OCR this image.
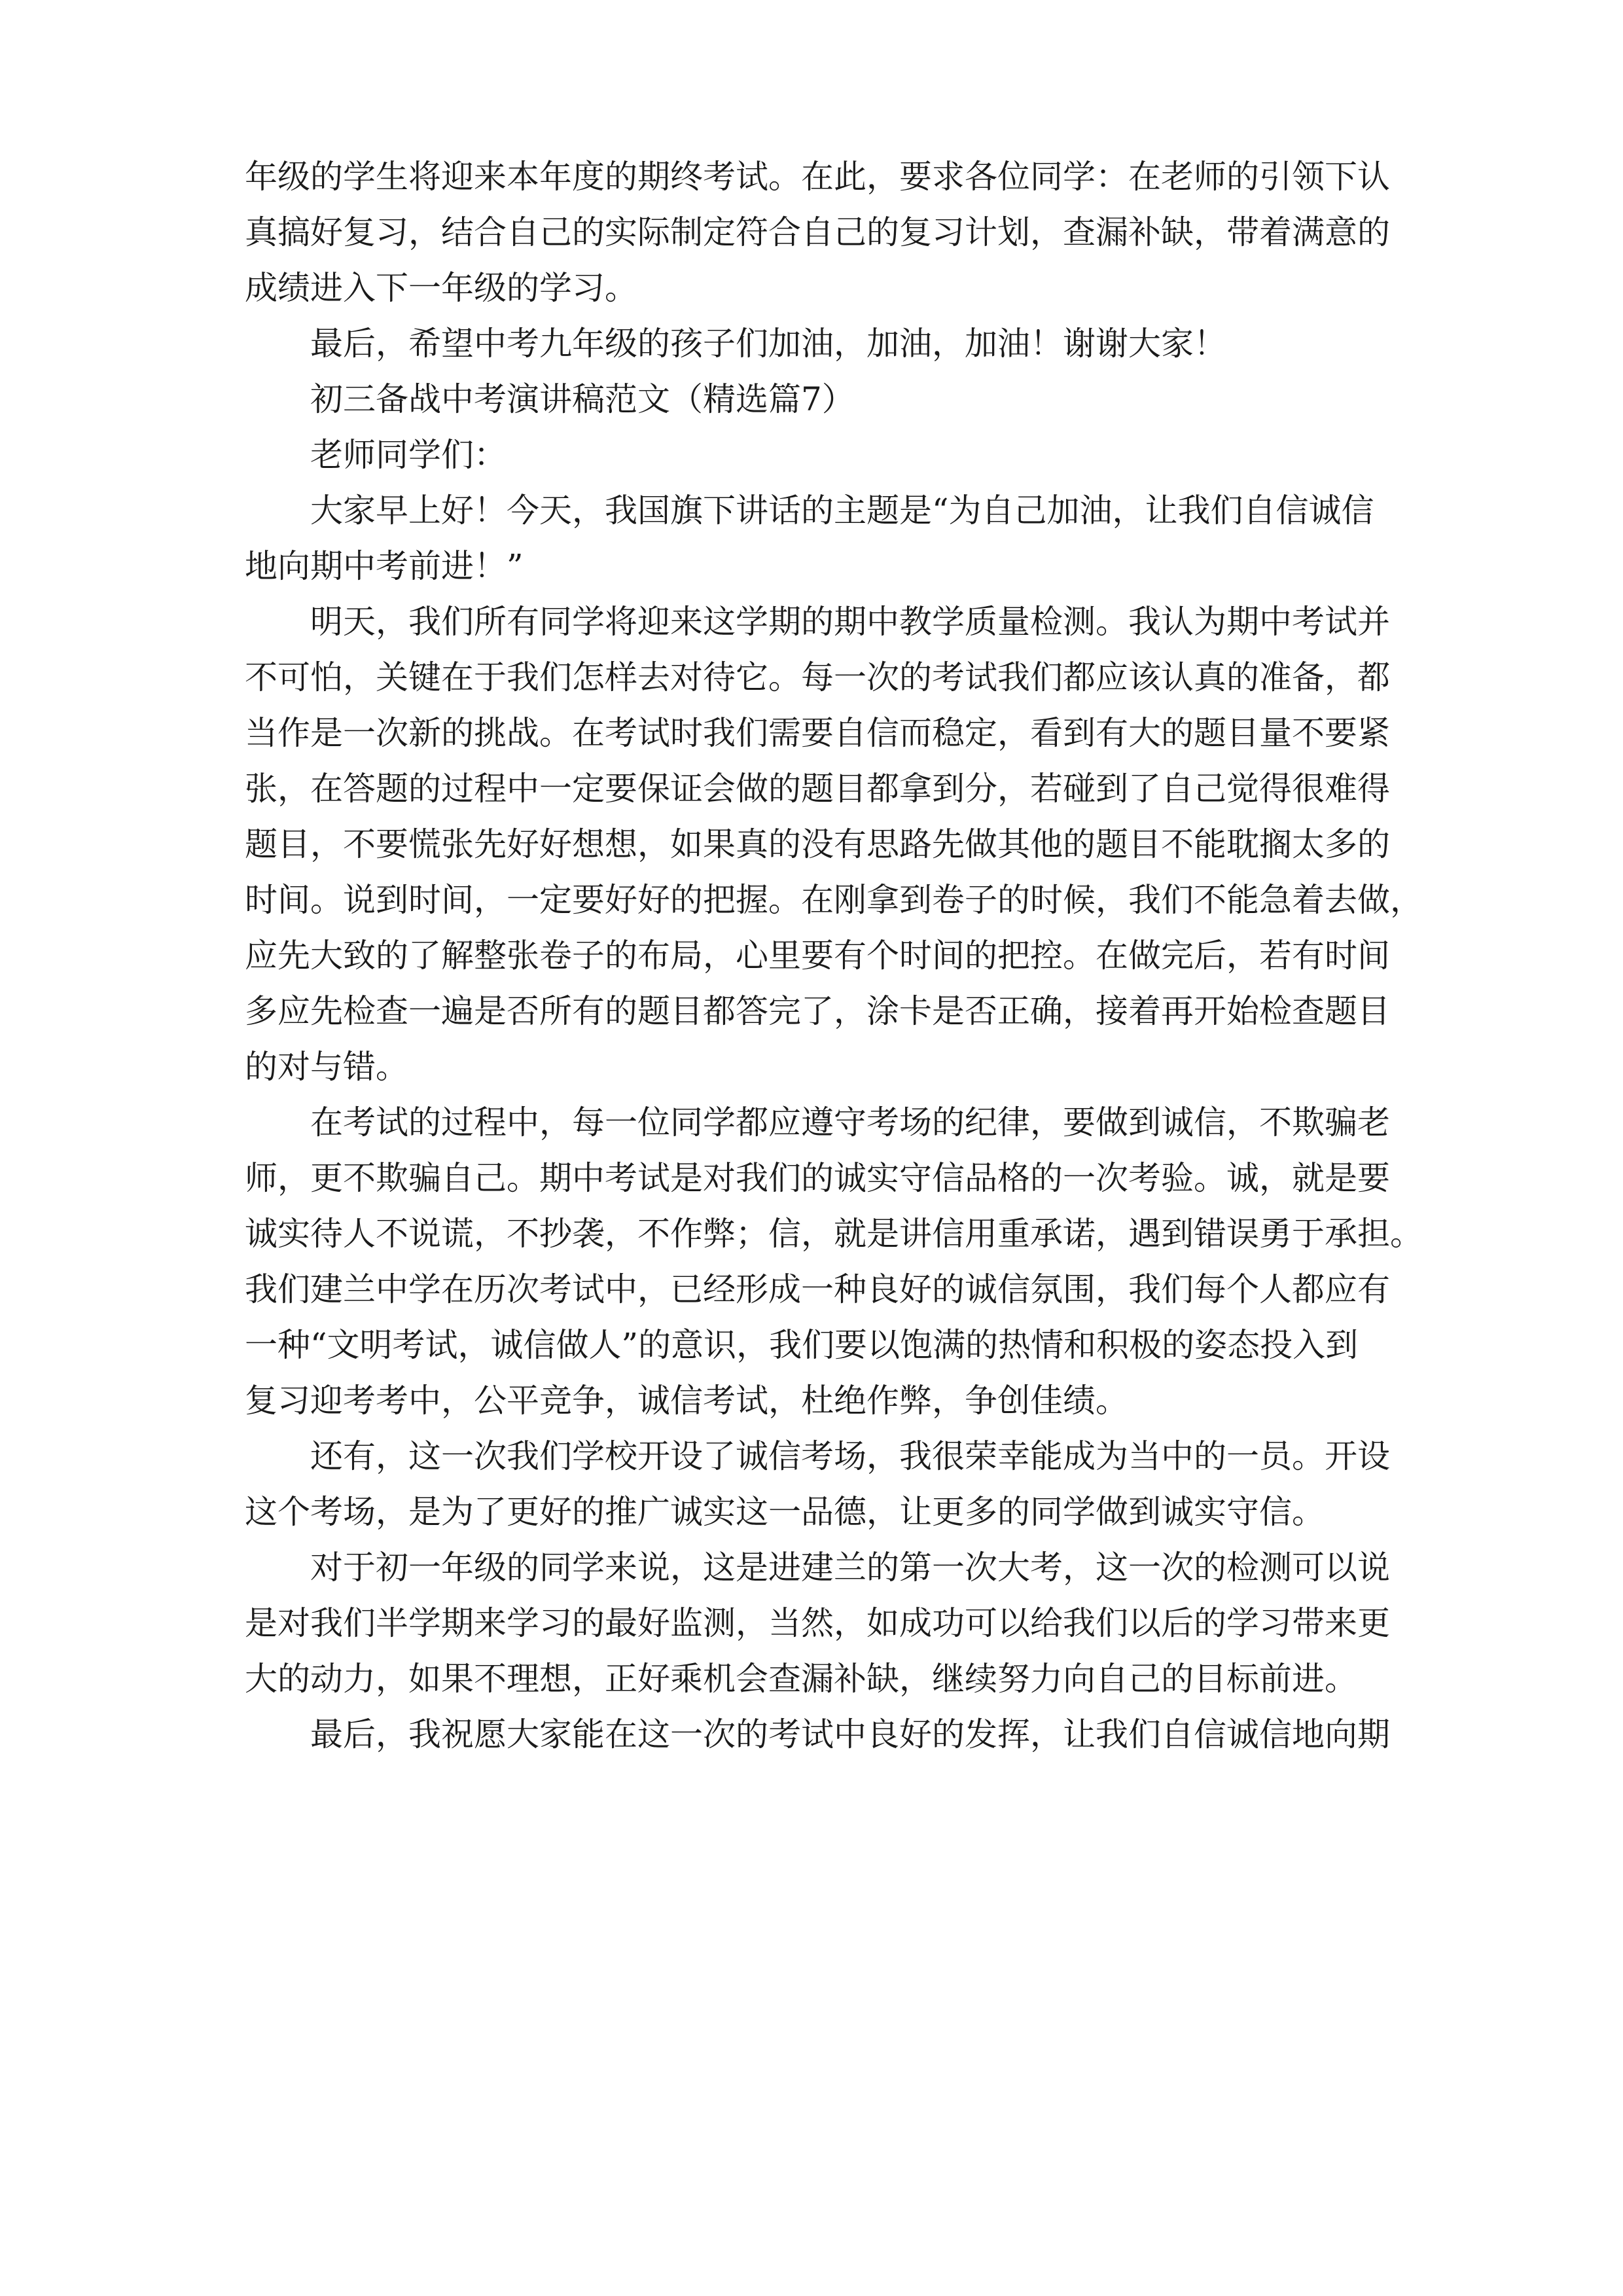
年级的学生将迎来本年度的期终考试。在此，要求各位同学：在老师的引领下认
真搞好复习，结合自己的实际制定符合自己的复习计划，查漏补缺，带着满意的
成绩进入下一年级的学习。
最后，希望中考九年级的孩子们加油，加油，加油！谢谢大家！
初三备战中考演讲稿范文（精选篇7）
老师同学们：
大家早上好！今天，我国旗下讲话的主题是“为自己加油，让我们自信诚信
地向期中考前进！”
明天，我们所有同学将迎来这学期的期中教学质量检测。我认为期中考试并
不可怕，关键在于我们怎样去对待它。每一次的考试我们都应该认真的准备，都
当作是一次新的挑战。在考试时我们需要自信而稳定，看到有大的题目量不要紧
张，在答题的过程中一定要保证会做的题目都拿到分，若碰到了自己觉得很难得
题目，不要慌张先好好想想，如果真的没有思路先做其他的题目不能耽搁太多的
时间。说到时间，一定要好好的把握。在刚拿到卷子的时候，我们不能急着去做，
应先大致的了解整张卷子的布局，心里要有个时间的把控。在做完后，若有时间
多应先检查一遍是否所有的题目都答完了，涂卡是否正确，接着再开始检查题目
的对与错。
在考试的过程中，每一位同学都应遵守考场的纪律，要做到诚信，不欺骗老
师，更不欺骗自己。期中考试是对我们的诚实守信品格的一次考验。诚，就是要
诚实待人不说谎，不抄袭，不作弊；信，就是讲信用重承诺，遇到错误勇于承担。
我们建兰中学在历次考试中，已经形成一种良好的诚信氛围，我们每个人都应有
一种“文明考试，诚信做人”的意识，我们要以饱满的热情和积极的姿态投入到
复习迎考考中，公平竞争，诚信考试，杜绝作弊，争创佳绩。
还有，这一次我们学校开设了诚信考场，我很荣幸能成为当中的一员。开设
这个考场，是为了更好的推广诚实这一品德，让更多的同学做到诚实守信。
对于初一年级的同学来说，这是进建兰的第一次大考，这一次的检测可以说
是对我们半学期来学习的最好监测，当然，如成功可以给我们以后的学习带来更
大的动力，如果不理想，正好乘机会查漏补缺，继续努力向自己的目标前进。
最后，我祝愿大家能在这一次的考试中良好的发挥，让我们自信诚信地向期
